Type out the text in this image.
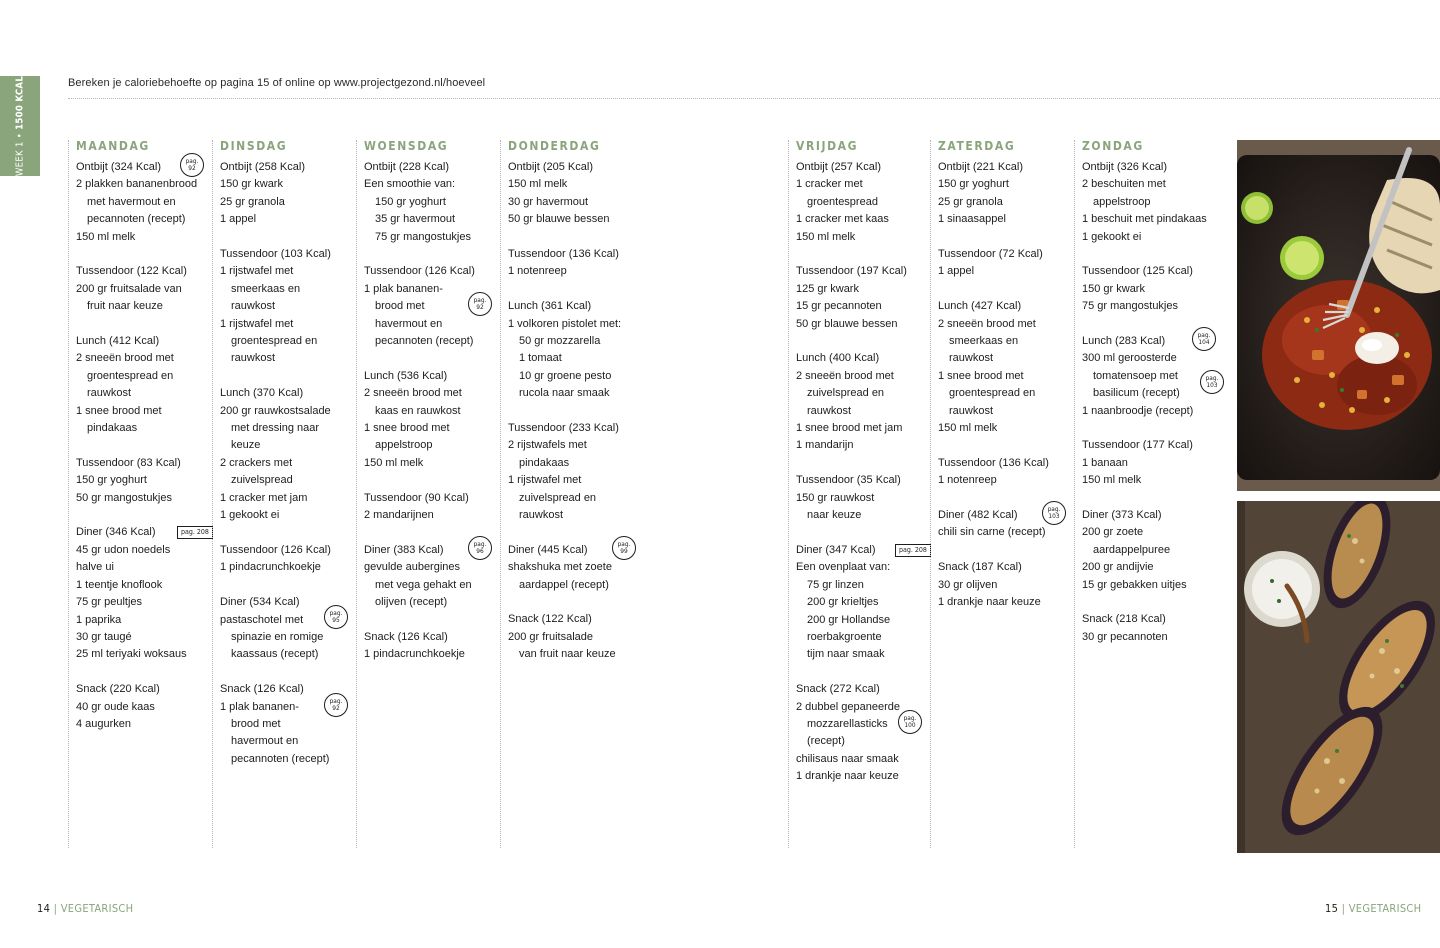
WEEK 1 • 1500 KCAL	Bereken je caloriebehoefte op pagina 15 of online op www.projectgezond.nl/hoeveel
MAANDAG
Ontbijt (324 Kcal)
2 plakken bananenbrood
met havermout en
pecannoten (recept)
150 ml melk
pag.
92
Tussendoor (122 Kcal)
200 gr fruitsalade van
fruit naar keuze
Lunch (412 Kcal)
2 sneeën brood met
groentespread en
rauwkost
1 snee brood met
pindakaas
Tussendoor (83 Kcal)
150 gr yoghurt
50 gr mangostukjes
Diner (346 Kcal)
45 gr udon noedels
halve ui
1 teentje knoflook
75 gr peultjes
1 paprika
30 gr taugé
25 ml teriyaki woksaus
pag. 208
Snack (220 Kcal)
40 gr oude kaas
4 augurken
DINSDAG
Ontbijt (258 Kcal)
150 gr kwark
25 gr granola
1 appel
Tussendoor (103 Kcal)
1 rijstwafel met
smeerkaas en
rauwkost
1 rijstwafel met
groentespread en
rauwkost
Lunch (370 Kcal)
200 gr rauwkostsalade
met dressing naar
keuze
2 crackers met
zuivelspread
1 cracker met jam
1 gekookt ei
Tussendoor (126 Kcal)
1 pindacrunchkoekje
Diner (534 Kcal)
pastaschotel met
spinazie en romige
kaassaus (recept)
pag.
95
Snack (126 Kcal)
1 plak bananen-
brood met
havermout en
pecannoten (recept)
pag.
92
WOENSDAG
Ontbijt (228 Kcal)
Een smoothie van:
150 gr yoghurt
35 gr havermout
75 gr mangostukjes
Tussendoor (126 Kcal)
1 plak bananen-
brood met
havermout en
pecannoten (recept)
pag.
92
Lunch (536 Kcal)
2 sneeën brood met
kaas en rauwkost
1 snee brood met
appelstroop
150 ml melk
Tussendoor (90 Kcal)
2 mandarijnen
Diner (383 Kcal)
gevulde aubergines
met vega gehakt en
olijven (recept)
pag.
96
Snack (126 Kcal)
1 pindacrunchkoekje
DONDERDAG
Ontbijt (205 Kcal)
150 ml melk
30 gr havermout
50 gr blauwe bessen
Tussendoor (136 Kcal)
1 notenreep
Lunch (361 Kcal)
1 volkoren pistolet met:
50 gr mozzarella
1 tomaat
10 gr groene pesto
rucola naar smaak
Tussendoor (233 Kcal)
2 rijstwafels met
pindakaas
1 rijstwafel met
zuivelspread en
rauwkost
Diner (445 Kcal)
shakshuka met zoete
aardappel (recept)
pag.
99
Snack (122 Kcal)
200 gr fruitsalade
van fruit naar keuze
VRIJDAG
Ontbijt (257 Kcal)
1 cracker met
groentespread
1 cracker met kaas
150 ml melk
Tussendoor (197 Kcal)
125 gr kwark
15 gr pecannoten
50 gr blauwe bessen
Lunch (400 Kcal)
2 sneeën brood met
zuivelspread en
rauwkost
1 snee brood met jam
1 mandarijn
Tussendoor (35 Kcal)
150 gr rauwkost
naar keuze
Diner (347 Kcal)
Een ovenplaat van:
75 gr linzen
200 gr krieltjes
200 gr Hollandse
roerbakgroente
tijm naar smaak
pag. 208
Snack (272 Kcal)
2 dubbel gepaneerde
mozzarellasticks
(recept)
chilisaus naar smaak
1 drankje naar keuze
pag.
100
ZATERDAG
Ontbijt (221 Kcal)
150 gr yoghurt
25 gr granola
1 sinaasappel
Tussendoor (72 Kcal)
1 appel
Lunch (427 Kcal)
2 sneeën brood met
smeerkaas en
rauwkost
1 snee brood met
groentespread en
rauwkost
150 ml melk
Tussendoor (136 Kcal)
1 notenreep
Diner (482 Kcal)
chili sin carne (recept)
pag.
103
Snack (187 Kcal)
30 gr olijven
1 drankje naar keuze
ZONDAG
Ontbijt (326 Kcal)
2 beschuiten met
appelstroop
1 beschuit met pindakaas
1 gekookt ei
Tussendoor (125 Kcal)
150 gr kwark
75 gr mangostukjes
Lunch (283 Kcal)
300 ml geroosterde
tomatensoep met
basilicum (recept)
1 naanbroodje (recept)
pag.
104
pag.
103
Tussendoor (177 Kcal)
1 banaan
150 ml melk
Diner (373 Kcal)
200 gr zoete
aardappelpuree
200 gr andijvie
15 gr gebakken uitjes
Snack (218 Kcal)
30 gr pecannoten
14 | VEGETARISCH	15 | VEGETARISCH
